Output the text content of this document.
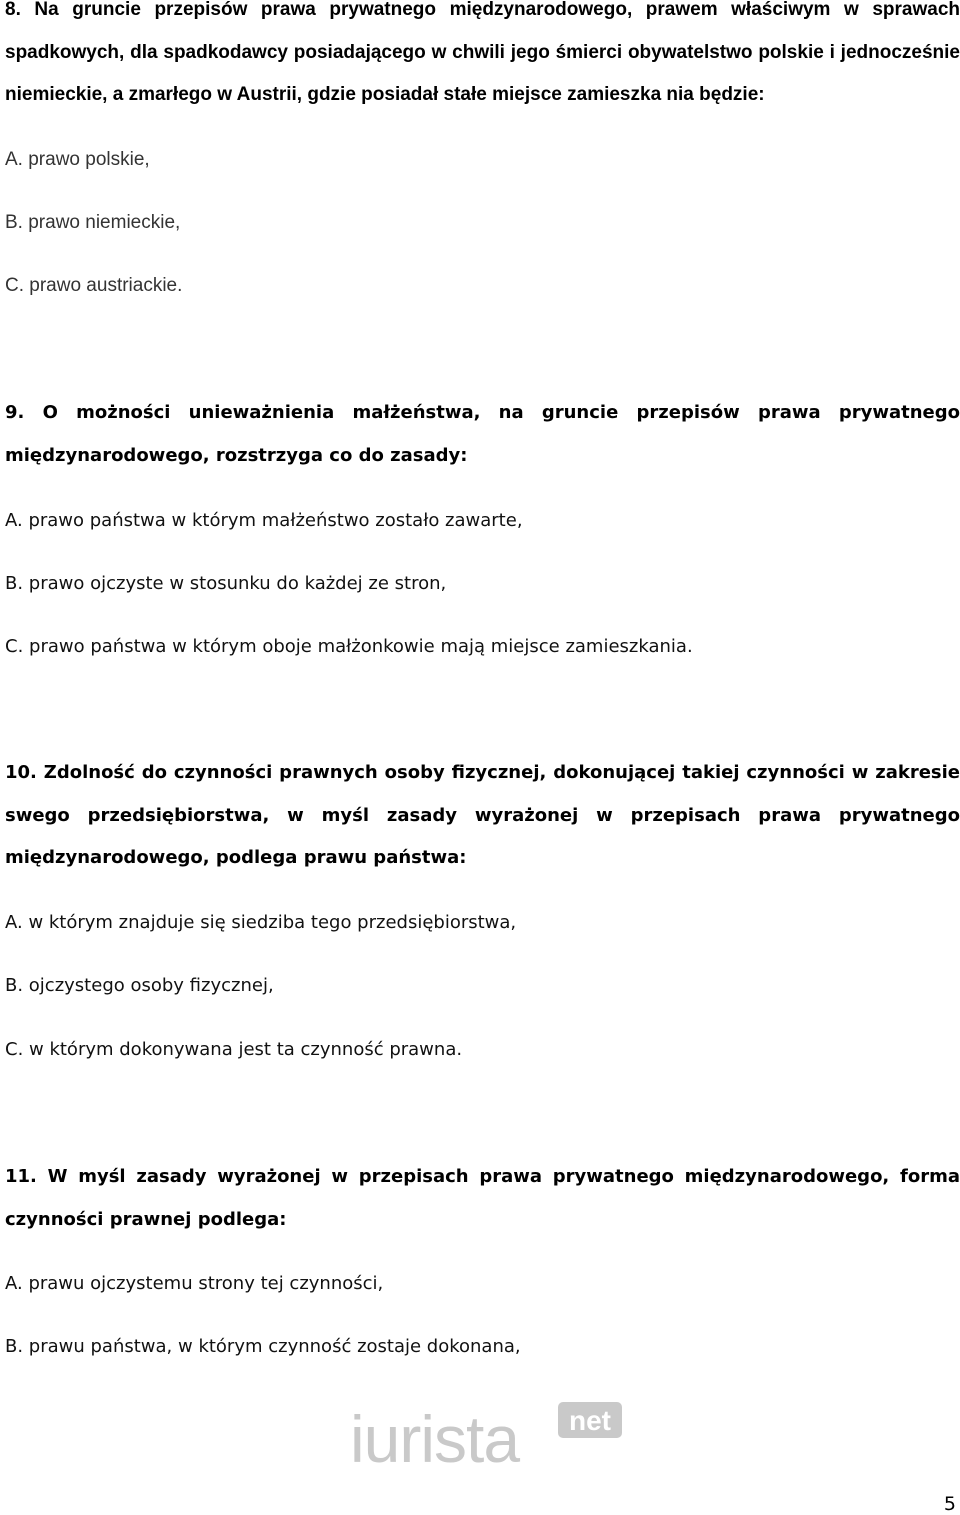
8. Na gruncie przepisów prawa prywatnego międzynarodowego, prawem właściwym w sprawach spadkowych, dla spadkodawcy posiadającego w chwili jego śmierci obywatelstwo polskie i jednocześnie niemieckie, a zmarłego w Austrii, gdzie posiadał stałe miejsce zamieszka nia będzie:

A. prawo polskie,

B. prawo niemieckie,

C. prawo austriackie.

9. O możności unieważnienia małżeństwa, na gruncie przepisów prawa prywatnego międzynarodowego, rozstrzyga co do zasady:

A. prawo państwa w którym małżeństwo zostało zawarte,

B. prawo ojczyste w stosunku do każdej ze stron,

C. prawo państwa w którym oboje małżonkowie mają miejsce zamieszkania.

10. Zdolność do czynności prawnych osoby fizycznej, dokonującej takiej czynności w zakresie swego przedsiębiorstwa, w myśl zasady wyrażonej w przepisach prawa prywatnego międzynarodowego, podlega prawu państwa:

A. w którym znajduje się siedziba tego przedsiębiorstwa,

B. ojczystego osoby fizycznej,

C. w którym dokonywana jest ta czynność prawna.

11. W myśl zasady wyrażonej w przepisach prawa prywatnego międzynarodowego, forma czynności prawnej podlega:

A. prawu ojczystemu strony tej czynności,

B. prawu państwa, w którym czynność zostaje dokonana,

iurista net
5
